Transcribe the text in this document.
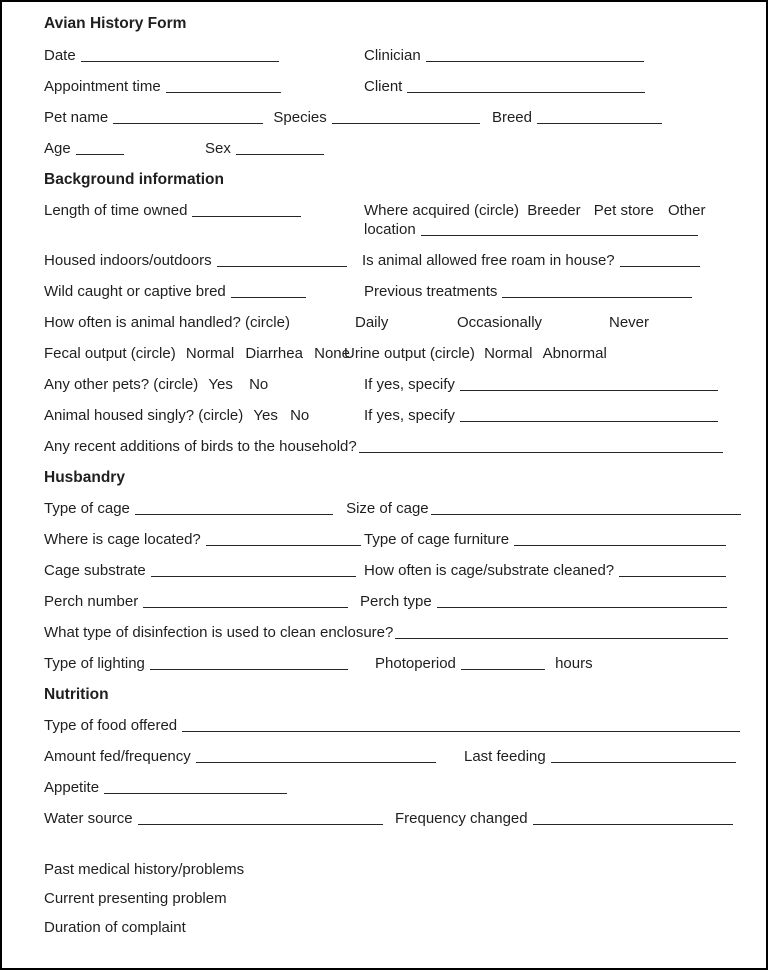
Avian History Form
Date	Clinician
Appointment time	Client
Pet name	Species	Breed
Age	Sex
Background information
Length of time owned	Where acquired (circle) Breeder Pet store Other
location
Housed indoors/outdoors	Is animal allowed free roam in house?
Wild caught or captive bred	Previous treatments
How often is animal handled? (circle)	Daily	Occasionally	Never
Fecal output (circle) Normal Diarrhea None
Urine output (circle) Normal Abnormal
Any other pets? (circle) Yes No	If yes, specify
Animal housed singly? (circle) Yes No	If yes, specify
Any recent additions of birds to the household?
Husbandry
Type of cage	Size of cage
Where is cage located?	Type of cage furniture
Cage substrate	How often is cage/substrate cleaned?
Perch number	Perch type
What type of disinfection is used to clean enclosure?
Type of lighting	Photoperiod	hours
Nutrition
Type of food offered
Amount fed/frequency	Last feeding
Appetite
Water source	Frequency changed
Past medical history/problems
Current presenting problem
Duration of complaint
